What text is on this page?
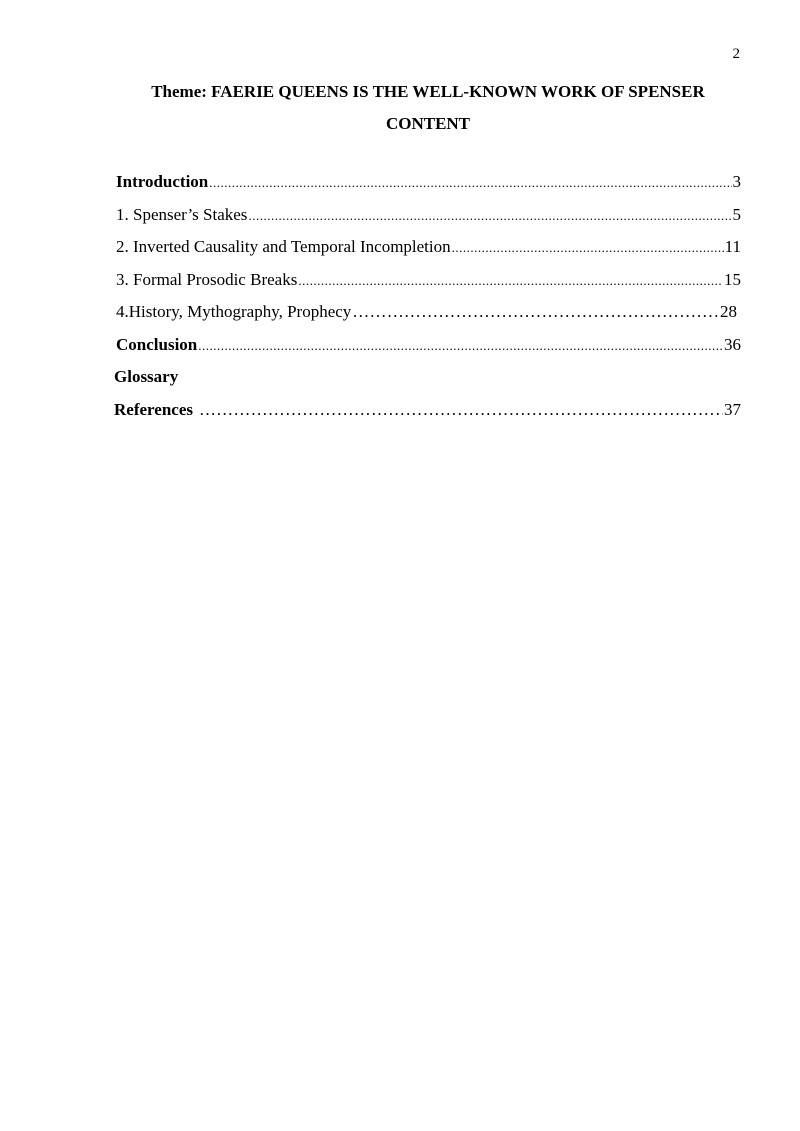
2
Theme: FAERIE QUEENS IS THE WELL-KNOWN WORK OF SPENSER
CONTENT
Introduction .....	3
1. Spenser’s Stakes .....	5
2. Inverted Causality and Temporal Incompletion .....	11
3. Formal Prosodic Breaks .....	15
4.History, Mythography, Prophecy ………………………………………………………………………………………………………………………………………………………………………………………	28
Conclusion .....	36
Glossary
References ………………………………………………………………………………………………………………………………………………………………………………………	37
